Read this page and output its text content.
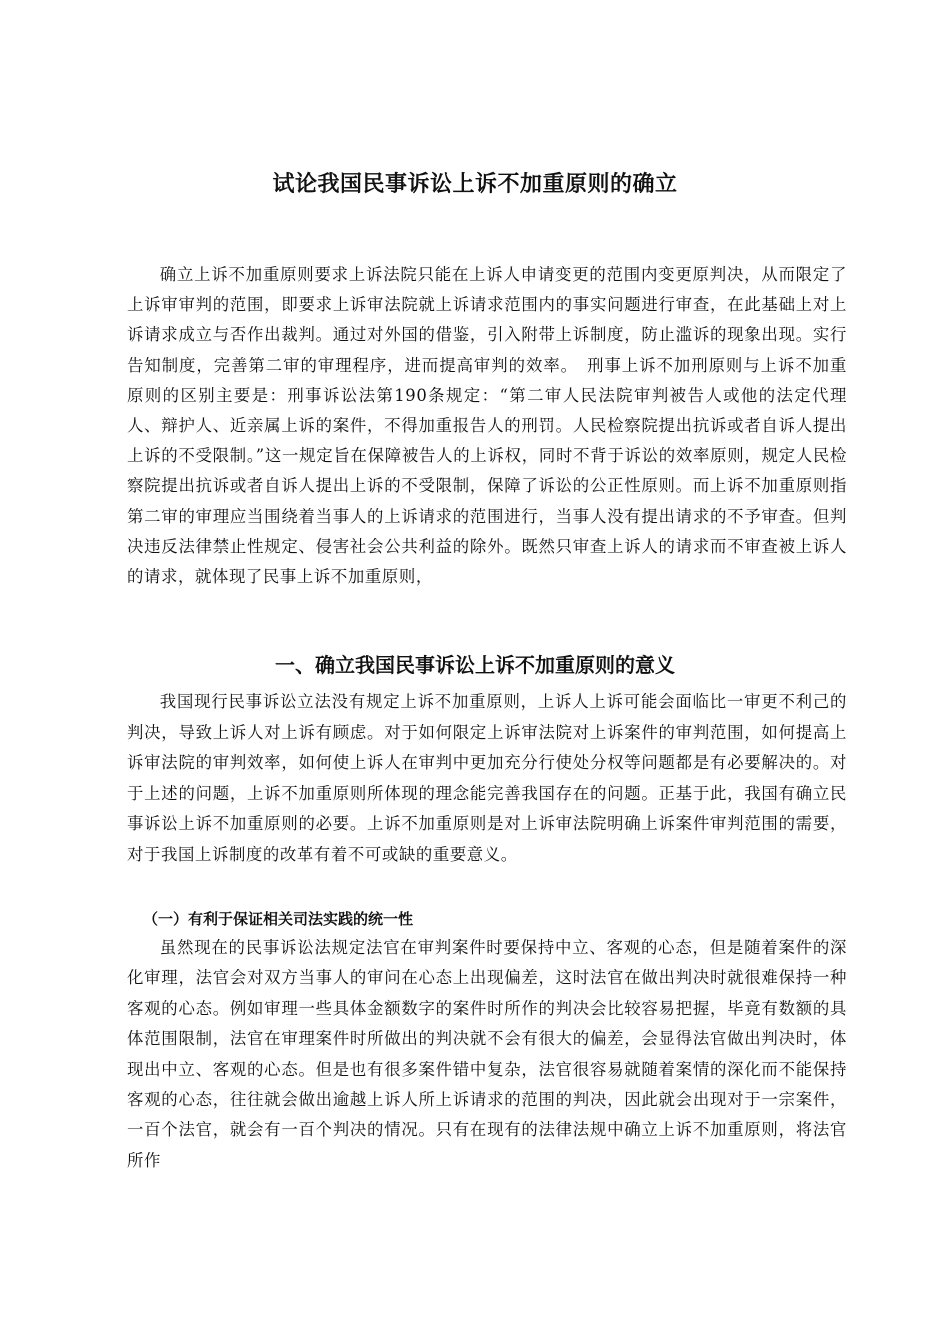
试论我国民事诉讼上诉不加重原则的确立

确立上诉不加重原则要求上诉法院只能在上诉人申请变更的范围内变更原判决，从而限定了上诉审审判的范围，即要求上诉审法院就上诉请求范围内的事实问题进行审查，在此基础上对上诉请求成立与否作出裁判。通过对外国的借鉴，引入附带上诉制度，防止滥诉的现象出现。实行告知制度，完善第二审的审理程序，进而提高审判的效率。　刑事上诉不加刑原则与上诉不加重原则的区别主要是：刑事诉讼法第190条规定：“第二审人民法院审判被告人或他的法定代理人、辩护人、近亲属上诉的案件，不得加重报告人的刑罚。人民检察院提出抗诉或者自诉人提出上诉的不受限制。”这一规定旨在保障被告人的上诉权，同时不背于诉讼的效率原则，规定人民检察院提出抗诉或者自诉人提出上诉的不受限制，保障了诉讼的公正性原则。而上诉不加重原则指第二审的审理应当围绕着当事人的上诉请求的范围进行，当事人没有提出请求的不予审查。但判决违反法律禁止性规定、侵害社会公共利益的除外。既然只审查上诉人的请求而不审查被上诉人的请求，就体现了民事上诉不加重原则，

一、确立我国民事诉讼上诉不加重原则的意义

我国现行民事诉讼立法没有规定上诉不加重原则，上诉人上诉可能会面临比一审更不利己的判决，导致上诉人对上诉有顾虑。对于如何限定上诉审法院对上诉案件的审判范围，如何提高上诉审法院的审判效率，如何使上诉人在审判中更加充分行使处分权等问题都是有必要解决的。对于上述的问题，上诉不加重原则所体现的理念能完善我国存在的问题。正基于此，我国有确立民事诉讼上诉不加重原则的必要。上诉不加重原则是对上诉审法院明确上诉案件审判范围的需要，对于我国上诉制度的改革有着不可或缺的重要意义。

（一）有利于保证相关司法实践的统一性

虽然现在的民事诉讼法规定法官在审判案件时要保持中立、客观的心态，但是随着案件的深化审理，法官会对双方当事人的审问在心态上出现偏差，这时法官在做出判决时就很难保持一种客观的心态。例如审理一些具体金额数字的案件时所作的判决会比较容易把握，毕竟有数额的具体范围限制，法官在审理案件时所做出的判决就不会有很大的偏差，会显得法官做出判决时，体现出中立、客观的心态。但是也有很多案件错中复杂，法官很容易就随着案情的深化而不能保持客观的心态，往往就会做出逾越上诉人所上诉请求的范围的判决，因此就会出现对于一宗案件，一百个法官，就会有一百个判决的情况。只有在现有的法律法规中确立上诉不加重原则，将法官所作
